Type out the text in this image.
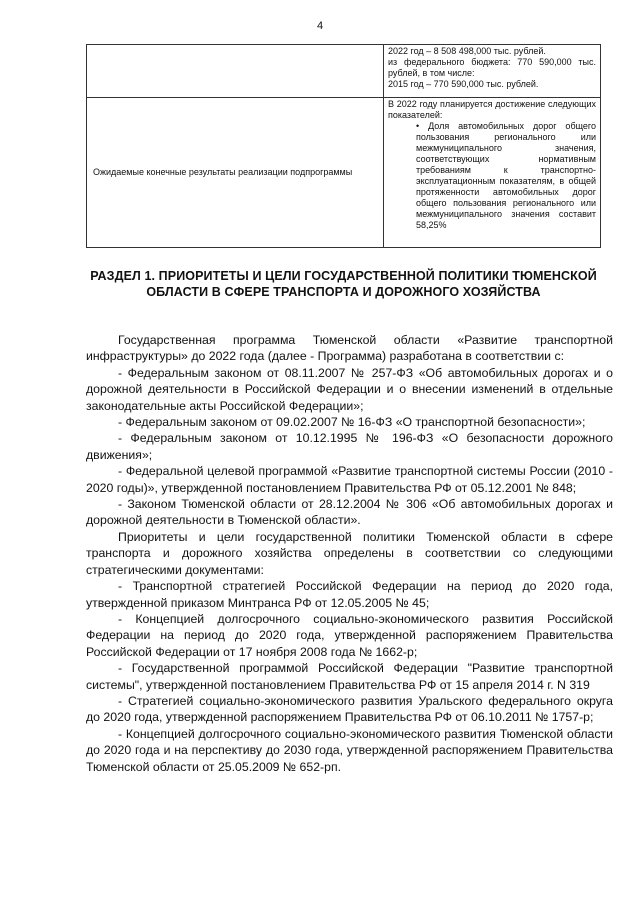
4

	2022 год – 8 508 498,000 тыс. рублей.
из федерального бюджета: 770 590,000 тыс. рублей, в том числе:
2015 год – 770 590,000 тыс. рублей.

Ожидаемые конечные результаты реализации подпрограммы	В 2022 году планируется достижение следующих показателей:
• Доля автомобильных дорог общего пользования регионального или межмуниципального значения, соответствующих нормативным требованиям к транспортно-эксплуатационным показателям, в общей протяженности автомобильных дорог общего пользования регионального или межмуниципального значения составит 58,25%
РАЗДЕЛ 1. ПРИОРИТЕТЫ И ЦЕЛИ ГОСУДАРСТВЕННОЙ ПОЛИТИКИ ТЮМЕНСКОЙ ОБЛАСТИ В СФЕРЕ ТРАНСПОРТА И ДОРОЖНОГО ХОЗЯЙСТВА

Государственная программа Тюменской области «Развитие транспортной инфраструктуры» до 2022 года (далее - Программа) разработана в соответствии с:

- Федеральным законом от 08.11.2007 № 257-ФЗ «Об автомобильных дорогах и о дорожной деятельности в Российской Федерации и о внесении изменений в отдельные законодательные акты Российской Федерации»;

- Федеральным законом от 09.02.2007 № 16-ФЗ «О транспортной безопасности»;

- Федеральным законом от 10.12.1995 № 196-ФЗ «О безопасности дорожного движения»;

- Федеральной целевой программой «Развитие транспортной системы России (2010 - 2020 годы)», утвержденной постановлением Правительства РФ от 05.12.2001 № 848;

- Законом Тюменской области от 28.12.2004 № 306 «Об автомобильных дорогах и дорожной деятельности в Тюменской области».

Приоритеты и цели государственной политики Тюменской области в сфере транспорта и дорожного хозяйства определены в соответствии со следующими стратегическими документами:

- Транспортной стратегией Российской Федерации на период до 2020 года, утвержденной приказом Минтранса РФ от 12.05.2005 № 45;

- Концепцией долгосрочного социально-экономического развития Российской Федерации на период до 2020 года, утвержденной распоряжением Правительства Российской Федерации от 17 ноября 2008 года № 1662-р;

- Государственной программой Российской Федерации "Развитие транспортной системы", утвержденной постановлением Правительства РФ от 15 апреля 2014 г. N 319

- Стратегией социально-экономического развития Уральского федерального округа до 2020 года, утвержденной распоряжением Правительства РФ от 06.10.2011 № 1757-р;

- Концепцией долгосрочного социально-экономического развития Тюменской области до 2020 года и на перспективу до 2030 года, утвержденной распоряжением Правительства Тюменской области от 25.05.2009 № 652-рп.
